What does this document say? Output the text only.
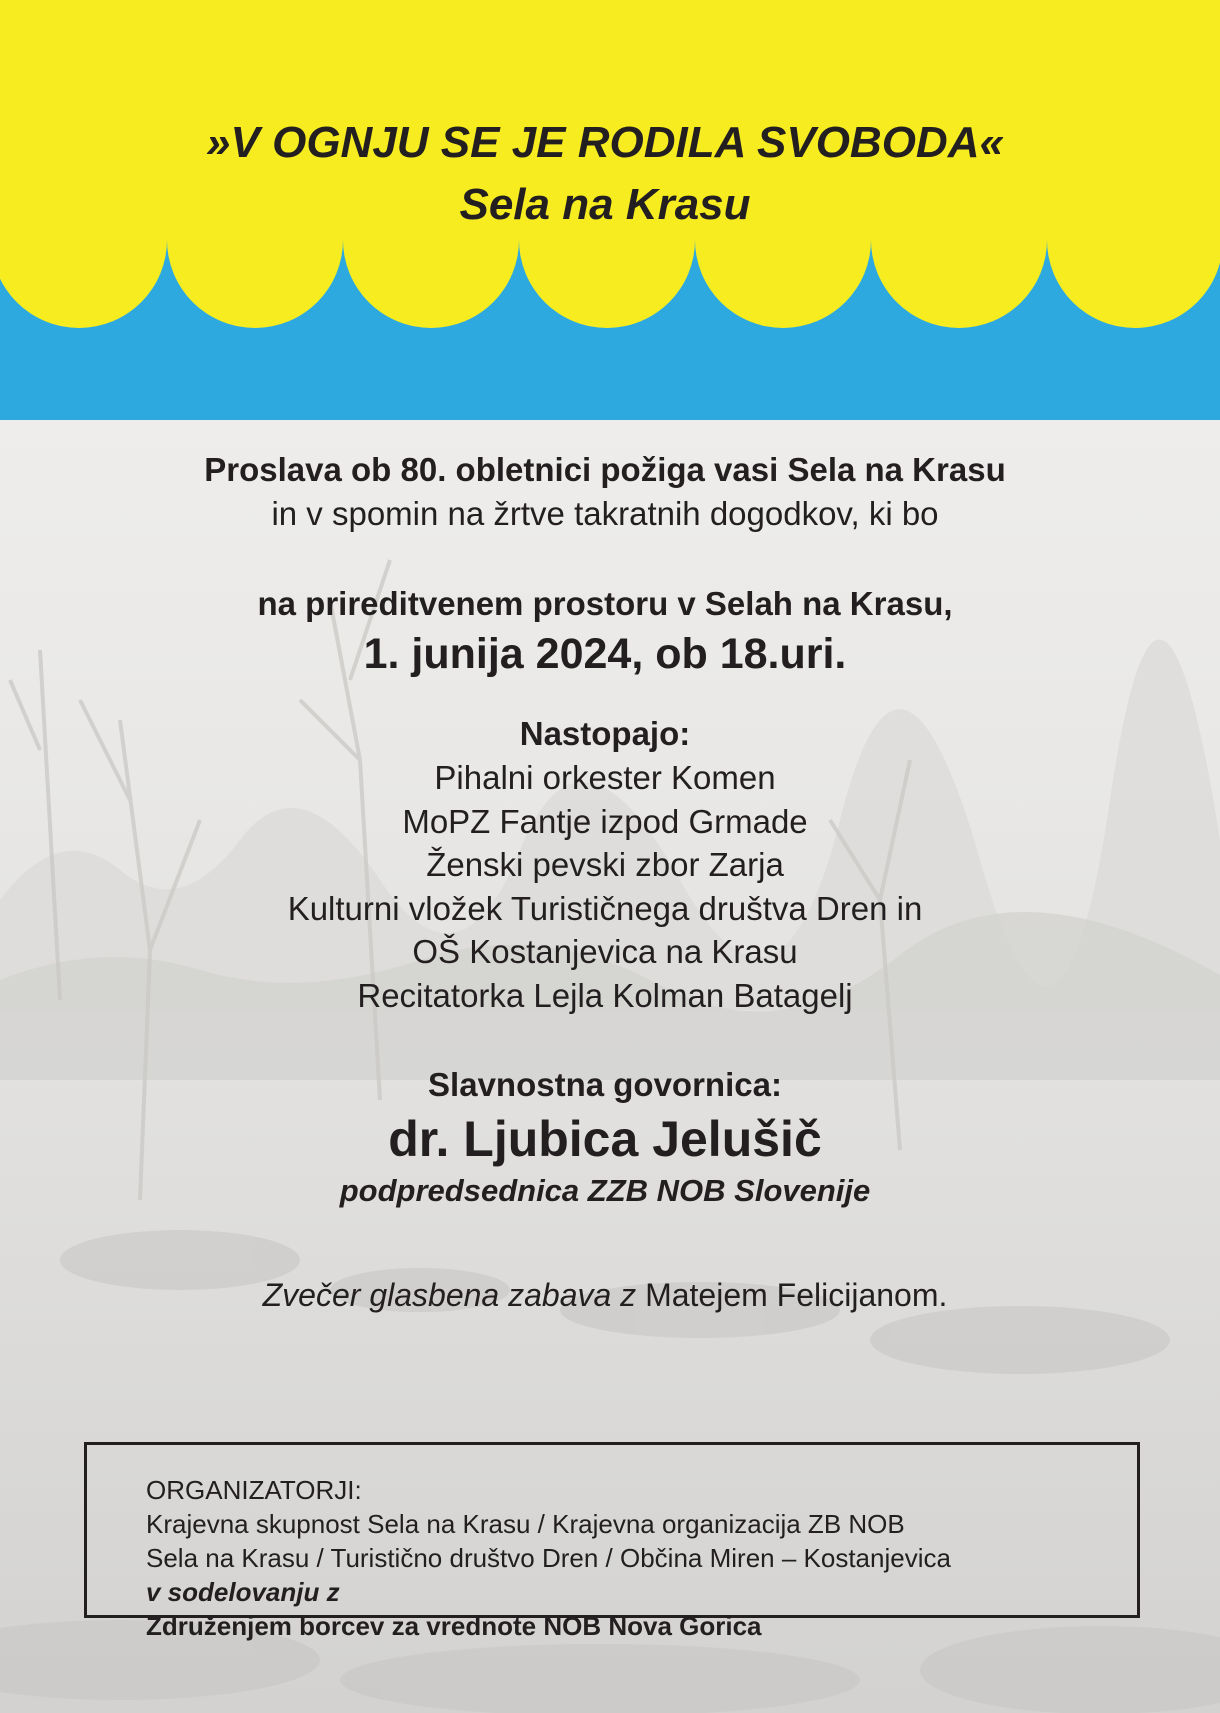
»V OGNJU SE JE RODILA SVOBODA«
Sela na Krasu
Proslava ob 80. obletnici požiga vasi Sela na Krasu
in v spomin na žrtve takratnih dogodkov, ki bo
na prireditvenem prostoru v Selah na Krasu,
1. junija 2024, ob 18.uri.
Nastopajo:
Pihalni orkester Komen
MoPZ Fantje izpod Grmade
Ženski pevski zbor Zarja
Kulturni vložek Turističnega društva Dren in
OŠ Kostanjevica na Krasu
Recitatorka Lejla Kolman Batagelj
Slavnostna govornica:
dr. Ljubica Jelušič
podpredsednica ZZB NOB Slovenije
Zvečer glasbena zabava z Matejem Felicijanom.
ORGANIZATORJI:
Krajevna skupnost Sela na Krasu / Krajevna organizacija ZB NOB
Sela na Krasu / Turistično društvo Dren / Občina Miren – Kostanjevica
v sodelovanju z
Združenjem borcev za vrednote NOB Nova Gorica
